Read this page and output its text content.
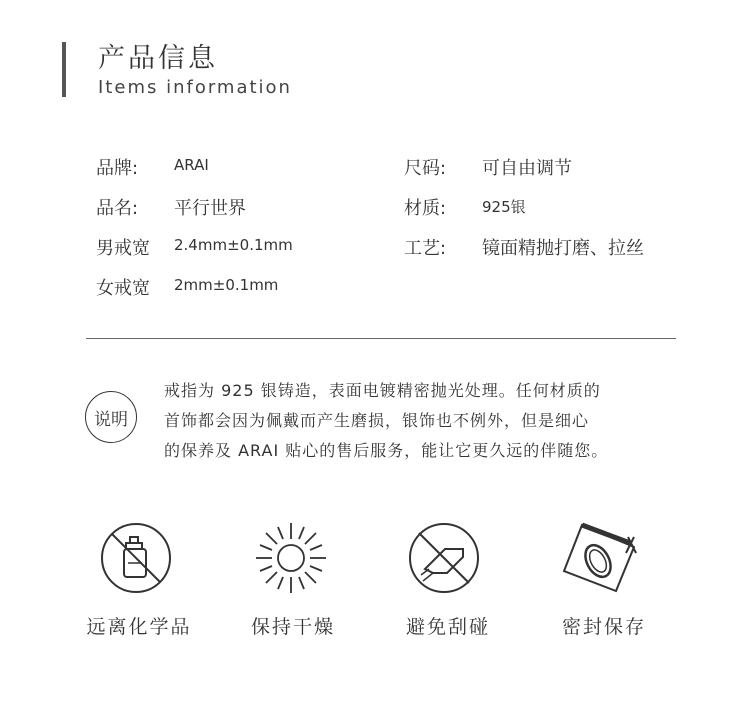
产品信息
Items information
品牌: ARAI	尺码: 可自由调节
品名: 平行世界	材质: 925银
男戒宽 2.4mm±0.1mm	工艺: 镜面精抛打磨、拉丝
女戒宽 2mm±0.1mm
说明
戒指为 925 银铸造，表面电镀精密抛光处理。任何材质的
首饰都会因为佩戴而产生磨损，银饰也不例外，但是细心
的保养及 ARAI 贴心的售后服务，能让它更久远的伴随您。
远离化学品	保持干燥	避免刮碰	密封保存
